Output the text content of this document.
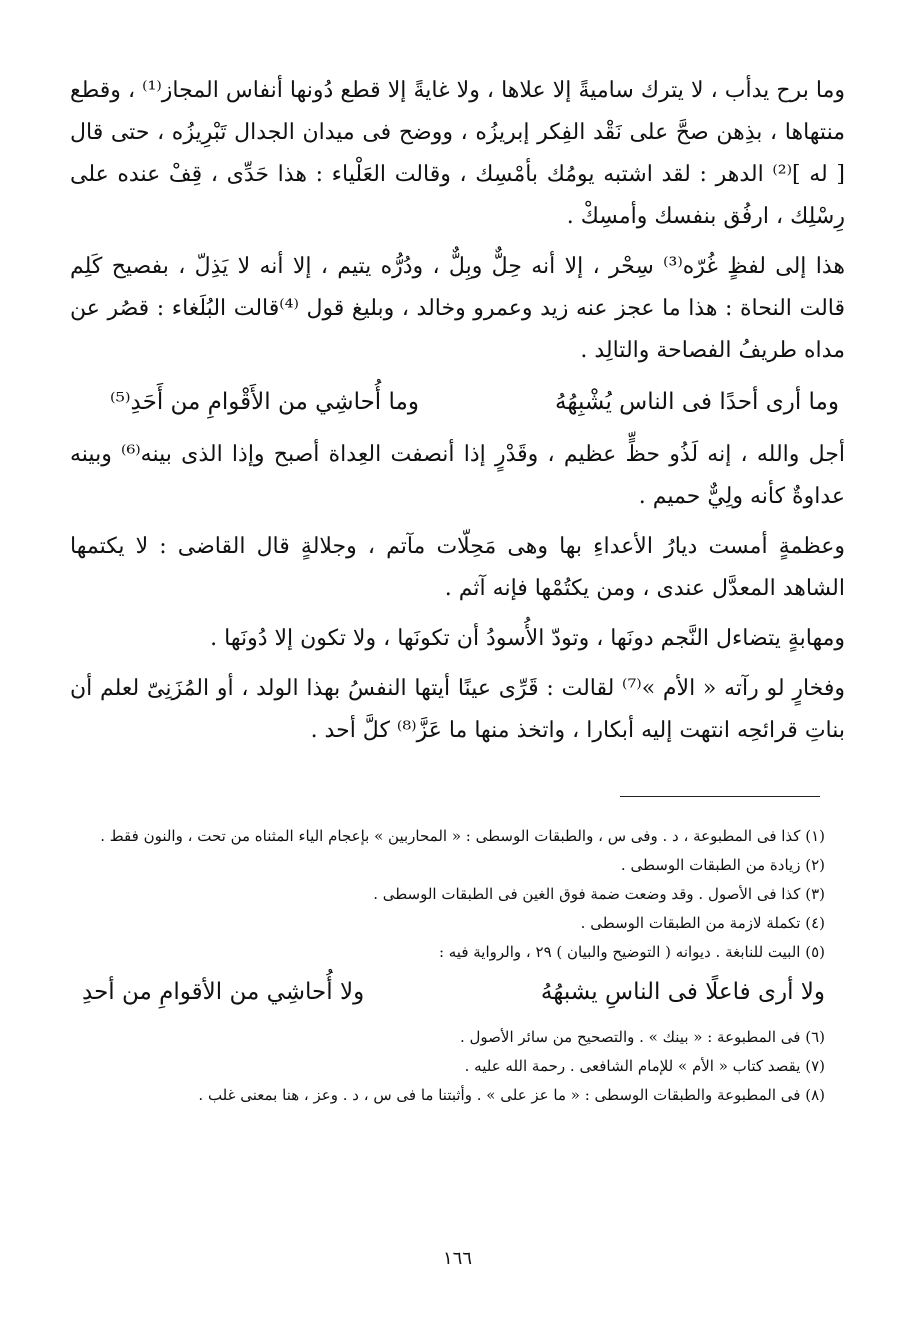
وما برح يدأب ، لا يترك ساميةً إلا علاها ، ولا غايةً إلا قطع دُونها أنفاس المجاز⁽¹⁾ ، وقطع منتهاها ، بذِهن صحَّ على نَقْد الفِكر إبريزُه ، ووضح فى ميدان الجدال تَبْرِيزُه ، حتى قال [ له ]⁽²⁾ الدهر : لقد اشتبه يومُك بأمْسِك ، وقالت العَلْياء : هذا حَدِّى ، قِفْ عنده على رِسْلِك ، ارفُق بنفسك وأمسِكْ .

هذا إلى لفظٍ غُرّه⁽³⁾ سِحْر ، إلا أنه حِلٌّ وبِلٌّ ، ودُرُّه يتيم ، إلا أنه لا يَذِلّ ، بفصيح كَلِم قالت النحاة : هذا ما عجز عنه زيد وعمرو وخالد ، وبليغ قول ⁽⁴⁾قالت البُلَغاء : قصُر عن مداه طريفُ الفصاحة والتالِد .

وما أرى أحدًا فى الناس يُشْبِهُهُ
وما أُحاشِي من الأَقْوامِ من أَحَدِ⁽⁵⁾

أجل والله ، إنه لَذُو حظٍّ عظيم ، وقَدْرٍ إذا أنصفت العِداة أصبح وإذا الذى بينه⁽⁶⁾ وبينه عداوةٌ كأنه ولِيٌّ حميم .

وعظمةٍ أمست ديارُ الأعداءِ بها وهى مَحِلّات مآتم ، وجلالةٍ قال القاضى : لا يكتمها الشاهد المعدَّل عندى ، ومن يكتُمْها فإنه آثم .

ومهابةٍ يتضاءل النَّجم دونَها ، وتودّ الأُسودُ أن تكونَها ، ولا تكون إلا دُونَها .

وفخارٍ لو رآته « الأم »⁽⁷⁾ لقالت : قَرِّى عينًا أيتها النفسُ بهذا الولد ، أو المُزَنِىّ لعلم أن بناتِ قرائحِه انتهت إليه أبكارا ، واتخذ منها ما عَزَّ⁽⁸⁾ كلَّ أحد .

(١) كذا فى المطبوعة ، د . وفى س ، والطبقات الوسطى : « المحاربين » بإعجام الياء المثناه من تحت ، والنون فقط .

(٢) زيادة من الطبقات الوسطى .

(٣) كذا فى الأصول . وقد وضعت ضمة فوق الغين فى الطبقات الوسطى .

(٤) تكملة لازمة من الطبقات الوسطى .

(٥) البيت للنابغة . ديوانه ( التوضيح والبيان ) ٢٩ ، والرواية فيه :

ولا أرى فاعلًا فى الناسِ يشبهُهُ
ولا أُحاشِي من الأقوامِ من أحدِ

(٦) فى المطبوعة : « بينك » . والتصحيح من سائر الأصول .

(٧) يقصد كتاب « الأم » للإمام الشافعى . رحمة الله عليه .

(٨) فى المطبوعة والطبقات الوسطى : « ما عز على » . وأثبتنا ما فى س ، د . وعز ، هنا بمعنى غلب .

١٦٦
